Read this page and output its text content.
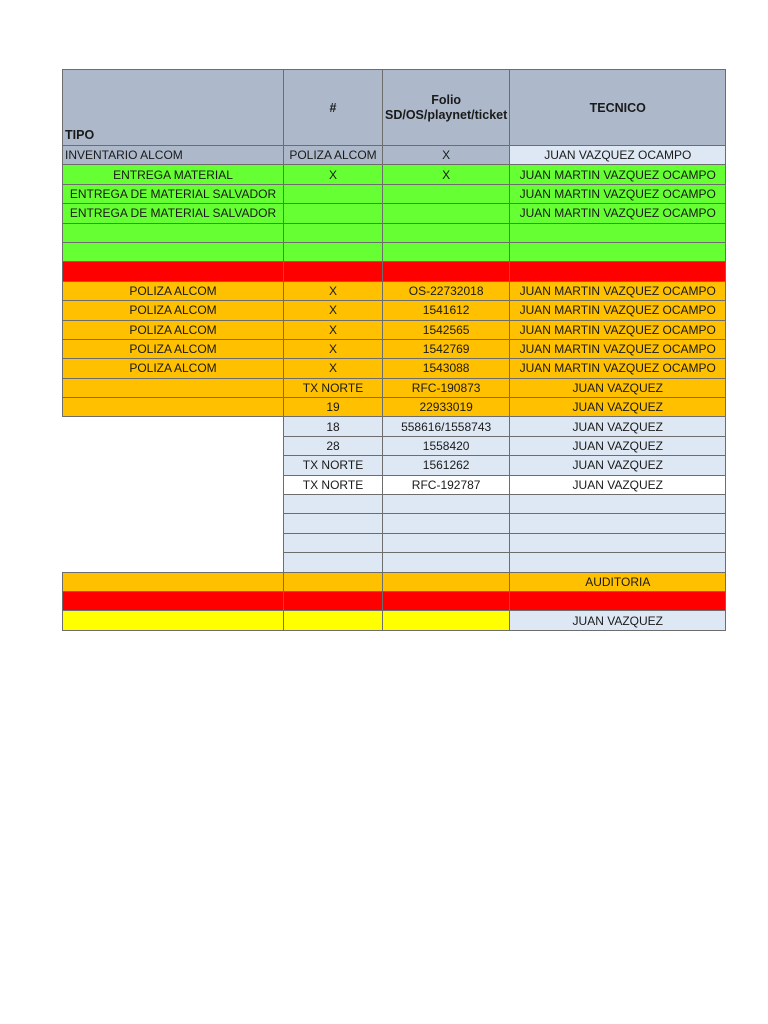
TIPO	#	Folio SD/OS/playnet/ticket	TECNICO
INVENTARIO ALCOM	POLIZA ALCOM	X	JUAN VAZQUEZ OCAMPO
ENTREGA MATERIAL	X	X	JUAN MARTIN VAZQUEZ OCAMPO
ENTREGA DE MATERIAL SALVADOR			JUAN MARTIN VAZQUEZ OCAMPO
ENTREGA DE MATERIAL SALVADOR			JUAN MARTIN VAZQUEZ OCAMPO

POLIZA ALCOM	X	OS-22732018	JUAN MARTIN VAZQUEZ OCAMPO
POLIZA ALCOM	X	1541612	JUAN MARTIN VAZQUEZ OCAMPO
POLIZA ALCOM	X	1542565	JUAN MARTIN VAZQUEZ OCAMPO
POLIZA ALCOM	X	1542769	JUAN MARTIN VAZQUEZ OCAMPO
POLIZA ALCOM	X	1543088	JUAN MARTIN VAZQUEZ OCAMPO
	TX NORTE	RFC-190873	JUAN VAZQUEZ
	19	22933019	JUAN VAZQUEZ
	18	558616/1558743	JUAN VAZQUEZ
	28	1558420	JUAN VAZQUEZ
	TX NORTE	1561262	JUAN VAZQUEZ
	TX NORTE	RFC-192787	JUAN VAZQUEZ

			AUDITORIA

			JUAN VAZQUEZ
